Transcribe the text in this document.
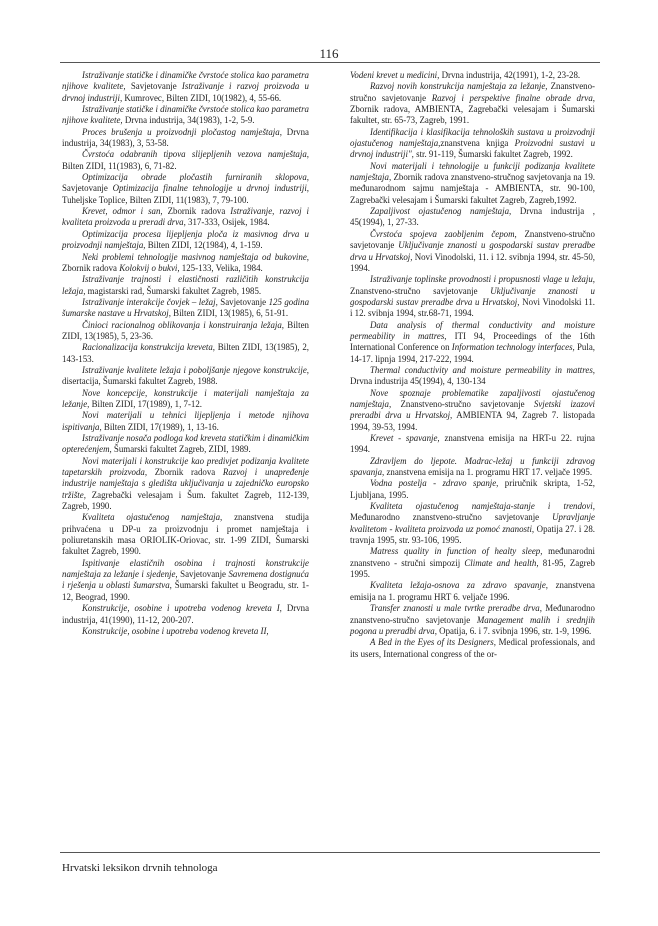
116

Istraživanje statičke i dinamičke čvrstoće stolica kao parametra njihove kvalitete, Savjetovanje Istraživanje i razvoj proizvoda u drvnoj industriji, Kumrovec, Bilten ZIDI, 10(1982), 4, 55-66.

Istraživanje statičke i dinamičke čvrstoće stolica kao parametra njihove kvalitete, Drvna industrija, 34(1983), 1-2, 5-9.

Proces brušenja u proizvodnji pločastog namještaja, Drvna industrija, 34(1983), 3, 53-58.

Čvrstoća odabranih tipova slijepljenih vezova namještaja, Bilten ZIDI, 11(1983), 6, 71-82.

Optimizacija obrade pločastih furniranih sklopova, Savjetovanje Optimizacija finalne tehnologije u drvnoj industriji, Tuheljske Toplice, Bilten ZIDI, 11(1983), 7, 79-100.

Krevet, odmor i san, Zbornik radova Istraživanje, razvoj i kvaliteta proizvoda u preradi drva, 317-333, Osijek, 1984.

Optimizacija procesa lijepljenja ploča iz masivnog drva u proizvodnji namještaja, Bilten ZIDI, 12(1984), 4, 1-159.

Neki problemi tehnologije masivnog namještaja od bukovine, Zbornik radova Kolokvij o bukvi, 125-133, Velika, 1984.

Istraživanje trajnosti i elastičnosti različitih konstrukcija ležaja, magistarski rad, Šumarski fakultet Zagreb, 1985.

Istraživanje interakcije čovjek – ležaj, Savjetovanje 125 godina šumarske nastave u Hrvatskoj, Bilten ZIDI, 13(1985), 6, 51-91.

Činioci racionalnog oblikovanja i konstruiranja ležaja, Bilten ZIDI, 13(1985), 5, 23-36.

Racionalizacija konstrukcija kreveta, Bilten ZIDI, 13(1985), 2, 143-153.

Istraživanje kvalitete ležaja i poboljšanje njegove konstrukcije, disertacija, Šumarski fakultet Zagreb, 1988.

Nove koncepcije, konstrukcije i materijali namještaja za ležanje, Bilten ZIDI, 17(1989), 1, 7-12.

Novi materijali u tehnici lijepljenja i metode njihova ispitivanja, Bilten ZIDI, 17(1989), 1, 13-16.

Istraživanje nosača podloga kod kreveta statičkim i dinamičkim opterećenjem, Šumarski fakultet Zagreb, ZIDI, 1989.

Novi materijali i konstrukcije kao predivjet podizanja kvalitete tapetarskih proizvoda, Zbornik radova Razvoj i unapređenje industrije namještaja s gledišta uključivanja u zajedničko europsko tržište, Zagrebački velesajam i Šum. fakultet Zagreb, 112-139, Zagreb, 1990.

Kvaliteta ojastučenog namještaja, znanstvena studija prihvaćena u DP-u za proizvodnju i promet namještaja i poliuretanskih masa ORIOLIK-Oriovac, str. 1-99 ZIDI, Šumarski fakultet Zagreb, 1990.

Ispitivanje elastičnih osobina i trajnosti konstrukcije namještaja za ležanje i sjedenje, Savjetovanje Savremena dostignuća i rješenja u oblasti šumarstva, Šumarski fakultet u Beogradu, str. 1-12, Beograd, 1990.

Konstrukcije, osobine i upotreba vodenog kreveta I, Drvna industrija, 41(1990), 11-12, 200-207.

Konstrukcije, osobine i upotreba vodenog kreveta II,

Vodeni krevet u medicini, Drvna industrija, 42(1991), 1-2, 23-28.

Razvoj novih konstrukcija namještaja za ležanje, Znanstveno-stručno savjetovanje Razvoj i perspektive finalne obrade drva, Zbornik radova, AMBIENTA, Zagrebački velesajam i Šumarski fakultet, str. 65-73, Zagreb, 1991.

Identifikacija i klasifikacija tehnoloških sustava u proizvodnji ojastučenog namještaja,znanstvena knjiga Proizvodni sustavi u drvnoj industriji", str. 91-119, Šumarski fakultet Zagreb, 1992.

Novi materijali i tehnologije u funkciji podizanja kvalitete namještaja, Zbornik radova znanstveno-stručnog savjetovanja na 19. međunarodnom sajmu namještaja - AMBIENTA, str. 90-100, Zagrebački velesajam i Šumarski fakultet Zagreb, Zagreb,1992.

Zapaljivost ojastučenog namještaja, Drvna industrija , 45(1994), 1, 27-33.

Čvrstoća spojeva zaobljenim čepom, Znanstveno-stručno savjetovanje Uključivanje znanosti u gospodarski sustav preradbe drva u Hrvatskoj, Novi Vinodolski, 11. i 12. svibnja 1994, str. 45-50, 1994.

Istraživanje toplinske provodnosti i propusnosti vlage u ležaju, Znanstveno-stručno savjetovanje Uključivanje znanosti u gospodarski sustav preradbe drva u Hrvatskoj, Novi Vinodolski 11. i 12. svibnja 1994, str.68-71, 1994.

Data analysis of thermal conductivity and moisture permeability in mattres, ITI 94, Proceedings of the 16th International Conference on Information technology interfaces, Pula, 14-17. lipnja 1994, 217-222, 1994.

Thermal conductivity and moisture permeability in mattres, Drvna industrija 45(1994), 4, 130-134

Nove spoznaje problematike zapaljivosti ojastučenog namještaja, Znanstveno-stručno savjetovanje Svjetski izazovi preradbi drva u Hrvatskoj, AMBIENTA 94, Zagreb 7. listopada 1994, 39-53, 1994.

Krevet - spavanje, znanstvena emisija na HRT-u 22. rujna 1994.

Zdravljem do ljepote. Madrac-ležaj u funkciji zdravog spavanja, znanstvena emisija na 1. programu HRT 17. veljače 1995.

Vodna postelja - zdravo spanje, priručnik skripta, 1-52, Ljubljana, 1995.

Kvaliteta ojastučenog namještaja-stanje i trendovi, Međunarodno znanstveno-stručno savjetovanje Upravljanje kvalitetom - kvaliteta proizvoda uz pomoć znanosti, Opatija 27. i 28. travnja 1995, str. 93-106, 1995.

Matress quality in function of healty sleep, međunarodni znanstveno - stručni simpozij Climate and health, 81-95, Zagreb 1995.

Kvaliteta ležaja-osnova za zdravo spavanje, znanstvena emisija na 1. programu HRT 6. veljače 1996.

Transfer znanosti u male tvrtke preradbe drva, Međunarodno znanstveno-stručno savjetovanje Management malih i srednjih pogona u preradbi drva, Opatija, 6. i 7. svibnja 1996, str. 1-9, 1996.

A Bed in the Eyes of its Designers, Medical professionals, and its users, International congress of the or-

Hrvatski leksikon drvnih tehnologa
